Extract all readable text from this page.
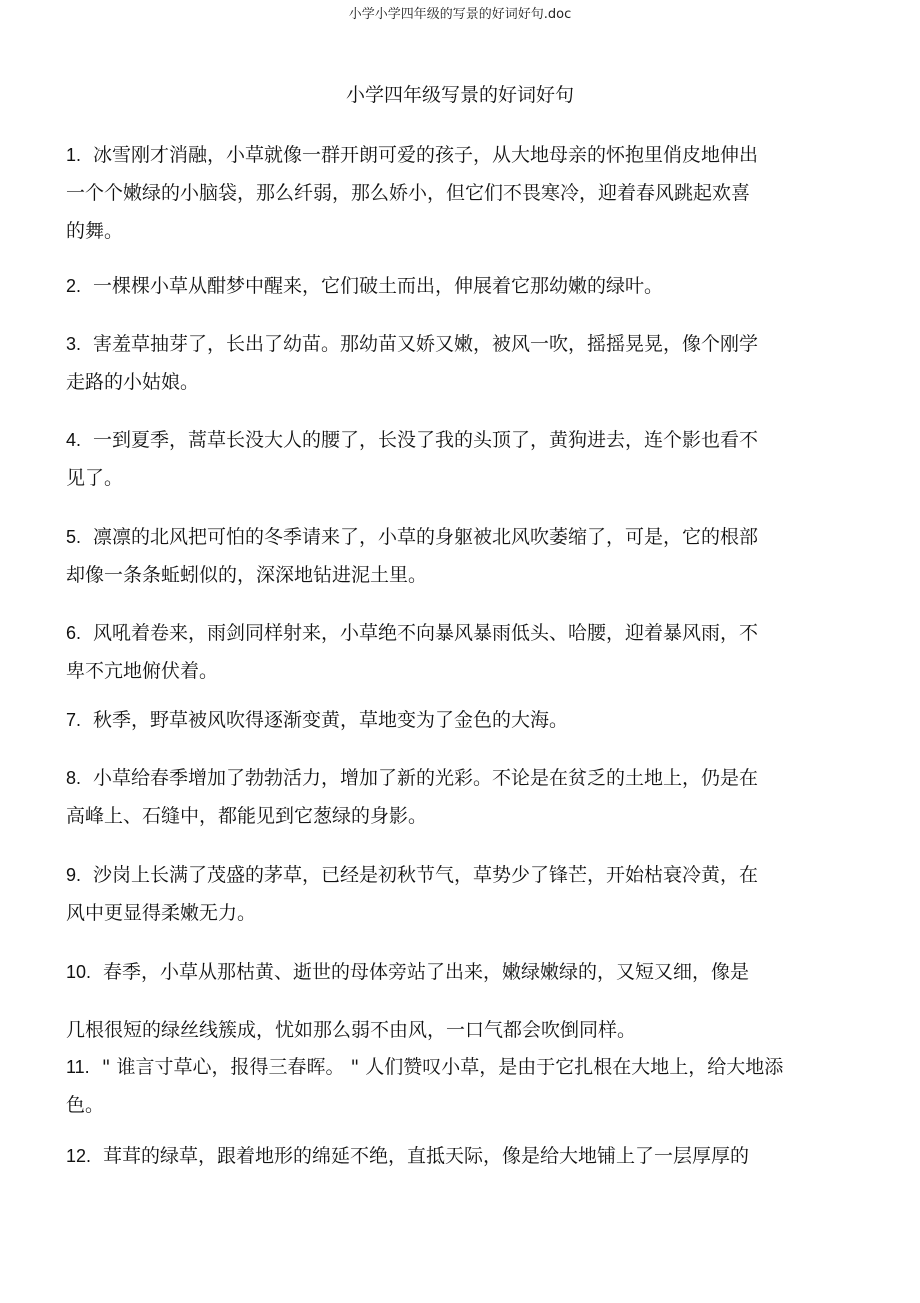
小学小学四年级的写景的好词好句.doc
小学四年级写景的好词好句

1. 冰雪刚才消融，小草就像一群开朗可爱的孩子，从大地母亲的怀抱里俏皮地伸出
一个个嫩绿的小脑袋，那么纤弱，那么娇小，但它们不畏寒冷，迎着春风跳起欢喜
的舞。

2. 一棵棵小草从酣梦中醒来，它们破土而出，伸展着它那幼嫩的绿叶。

3. 害羞草抽芽了，长出了幼苗。那幼苗又娇又嫩，被风一吹，摇摇晃晃，像个刚学
走路的小姑娘。

4. 一到夏季，蒿草长没大人的腰了，长没了我的头顶了，黄狗进去，连个影也看不
见了。

5. 凛凛的北风把可怕的冬季请来了，小草的身躯被北风吹萎缩了，可是，它的根部
却像一条条蚯蚓似的，深深地钻进泥土里。

6. 风吼着卷来，雨剑同样射来，小草绝不向暴风暴雨低头、哈腰，迎着暴风雨，不
卑不亢地俯伏着。

7. 秋季，野草被风吹得逐渐变黄，草地变为了金色的大海。

8. 小草给春季增加了勃勃活力，增加了新的光彩。不论是在贫乏的土地上，仍是在
高峰上、石缝中，都能见到它葱绿的身影。

9. 沙岗上长满了茂盛的茅草，已经是初秋节气，草势少了锋芒，开始枯衰冷黄，在
风中更显得柔嫩无力。

10. 春季，小草从那枯黄、逝世的母体旁站了出来，嫩绿嫩绿的，又短又细，像是
几根很短的绿丝线簇成，忧如那么弱不由风，一口气都会吹倒同样。

11. " 谁言寸草心，报得三春晖。 " 人们赞叹小草，是由于它扎根在大地上，给大地添
色。

12. 茸茸的绿草，跟着地形的绵延不绝，直抵天际，像是给大地铺上了一层厚厚的
